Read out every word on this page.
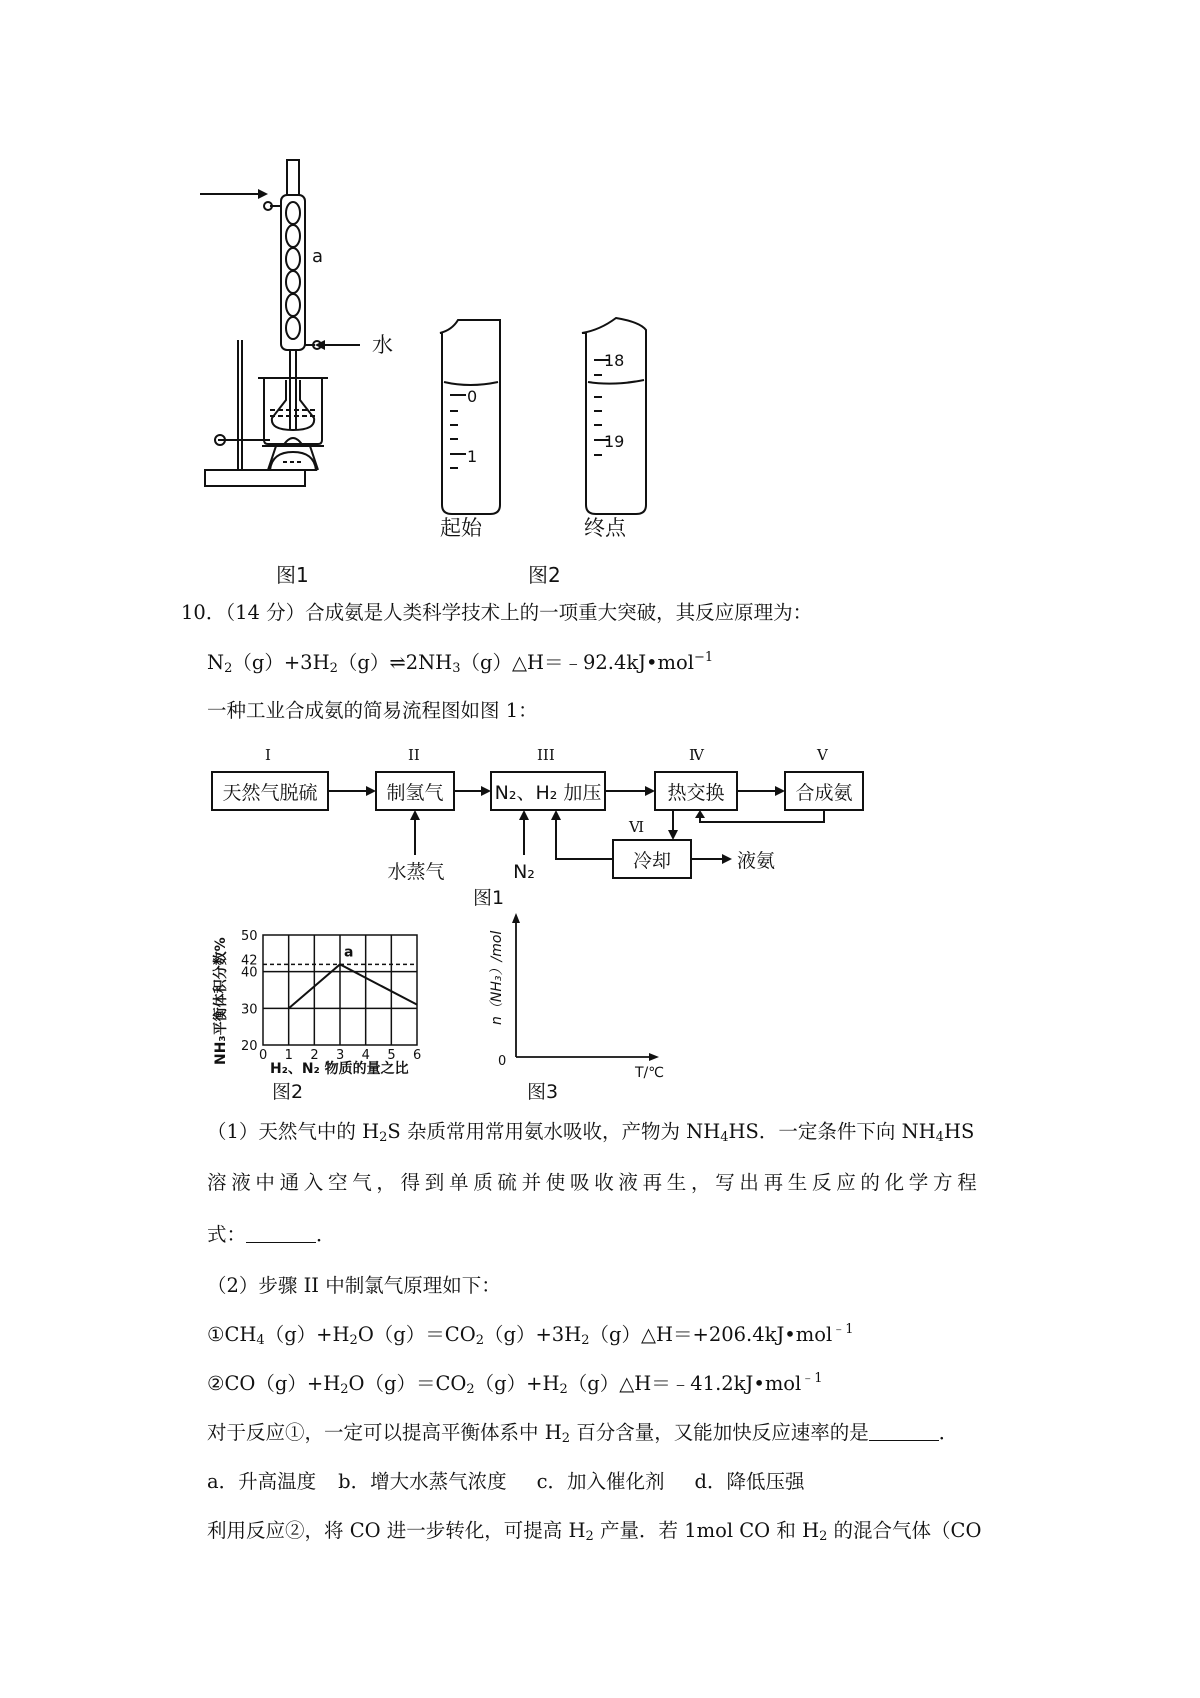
a
水
0
1
起始
18
19
终点
图1	图2
10．（14 分）合成氨是人类科学技术上的一项重大突破，其反应原理为：
$N_2(g)+3H_2(g)\rightleftharpoons 2NH_3(g)\triangle H=﹣92.4kJ•mol^{-1}$
一种工业合成氨的简易流程图如图 1：
I	II	III	Ⅳ	V
Ⅵ
天然气脱硫	制氢气	N₂、H₂ 加压	热交换	合成氨
冷却
水蒸气	N₂	液氨
图1
0 1 2 3 4 5 6
20
30
40
42
50
NH₃平衡体积分数%
H₂、N₂ 物质的量之比
图2
a
0
n（NH₃）/mol
T/℃
图3
（1）天然气中的 $H_2S$ 杂质常用常用氨水吸收，产物为 $NH_4HS$．一定条件下向 $NH_4HS$
溶液中通入空气，得到单质硫并使吸收液再生，写出再生反应的化学方程
式：	．
（2）步骤 II 中制氯气原理如下：
$①CH_4(g)+H_2O(g)=CO_2(g)+3H_2(g)\triangle H=+206.4kJ•mol^{﹣1}$
$②CO(g)+H_2O(g)=CO_2(g)+H_2(g)\triangle H=﹣41.2kJ•mol^{﹣1}$
对于反应①，一定可以提高平衡体系中 $H_2$ 百分含量，又能加快反应速率的是	．
a．升高温度 b．增大水蒸气浓度 c．加入催化剂 d．降低压强
利用反应②，将 CO 进一步转化，可提高 $H_2$ 产量．若 1mol CO 和 $H_2$ 的混合气体（CO
